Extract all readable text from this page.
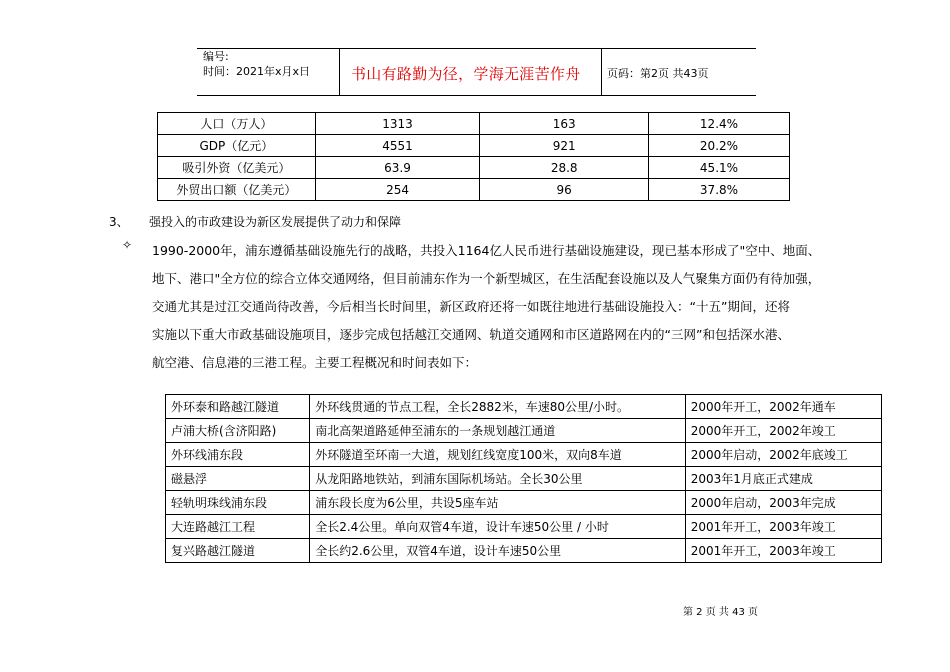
编号:
时间：2021年x月x日	书山有路勤为径，学海无涯苦作舟 页码：第2页 共43页
人口（万人）	1313	163	12.4%
GDP（亿元）	4551	921	20.2%
吸引外资（亿美元）	63.9	28.8	45.1%
外贸出口额（亿美元）	254	96	37.8%
3、 强投入的市政建设为新区发展提供了动力和保障
✧ 1990-2000年，浦东遵循基础设施先行的战略，共投入1164亿人民币进行基础设施建设，现已基本形成了"空中、地面、
地下、港口"全方位的综合立体交通网络，但目前浦东作为一个新型城区，在生活配套设施以及人气聚集方面仍有待加强，
交通尤其是过江交通尚待改善，今后相当长时间里，新区政府还将一如既往地进行基础设施投入：“十五”期间，还将
实施以下重大市政基础设施项目，逐步完成包括越江交通网、轨道交通网和市区道路网在内的“三网”和包括深水港、
航空港、信息港的三港工程。主要工程概况和时间表如下：
外环泰和路越江隧道	外环线贯通的节点工程，全长2882米，车速80公里/小时。	2000年开工，2002年通车
卢浦大桥(含济阳路)	南北高架道路延伸至浦东的一条规划越江通道	2000年开工，2002年竣工
外环线浦东段	外环隧道至环南一大道，规划红线宽度100米，双向8车道	2000年启动，2002年底竣工
磁悬浮	从龙阳路地铁站，到浦东国际机场站。全长30公里	2003年1月底正式建成
轻轨明珠线浦东段	浦东段长度为6公里，共设5座车站	2000年启动，2003年完成
大连路越江工程	全长2.4公里。单向双管4车道，设计车速50公里 / 小时	2001年开工，2003年竣工
复兴路越江隧道	全长约2.6公里，双管4车道，设计车速50公里	2001年开工，2003年竣工
第 2 页 共 43 页
